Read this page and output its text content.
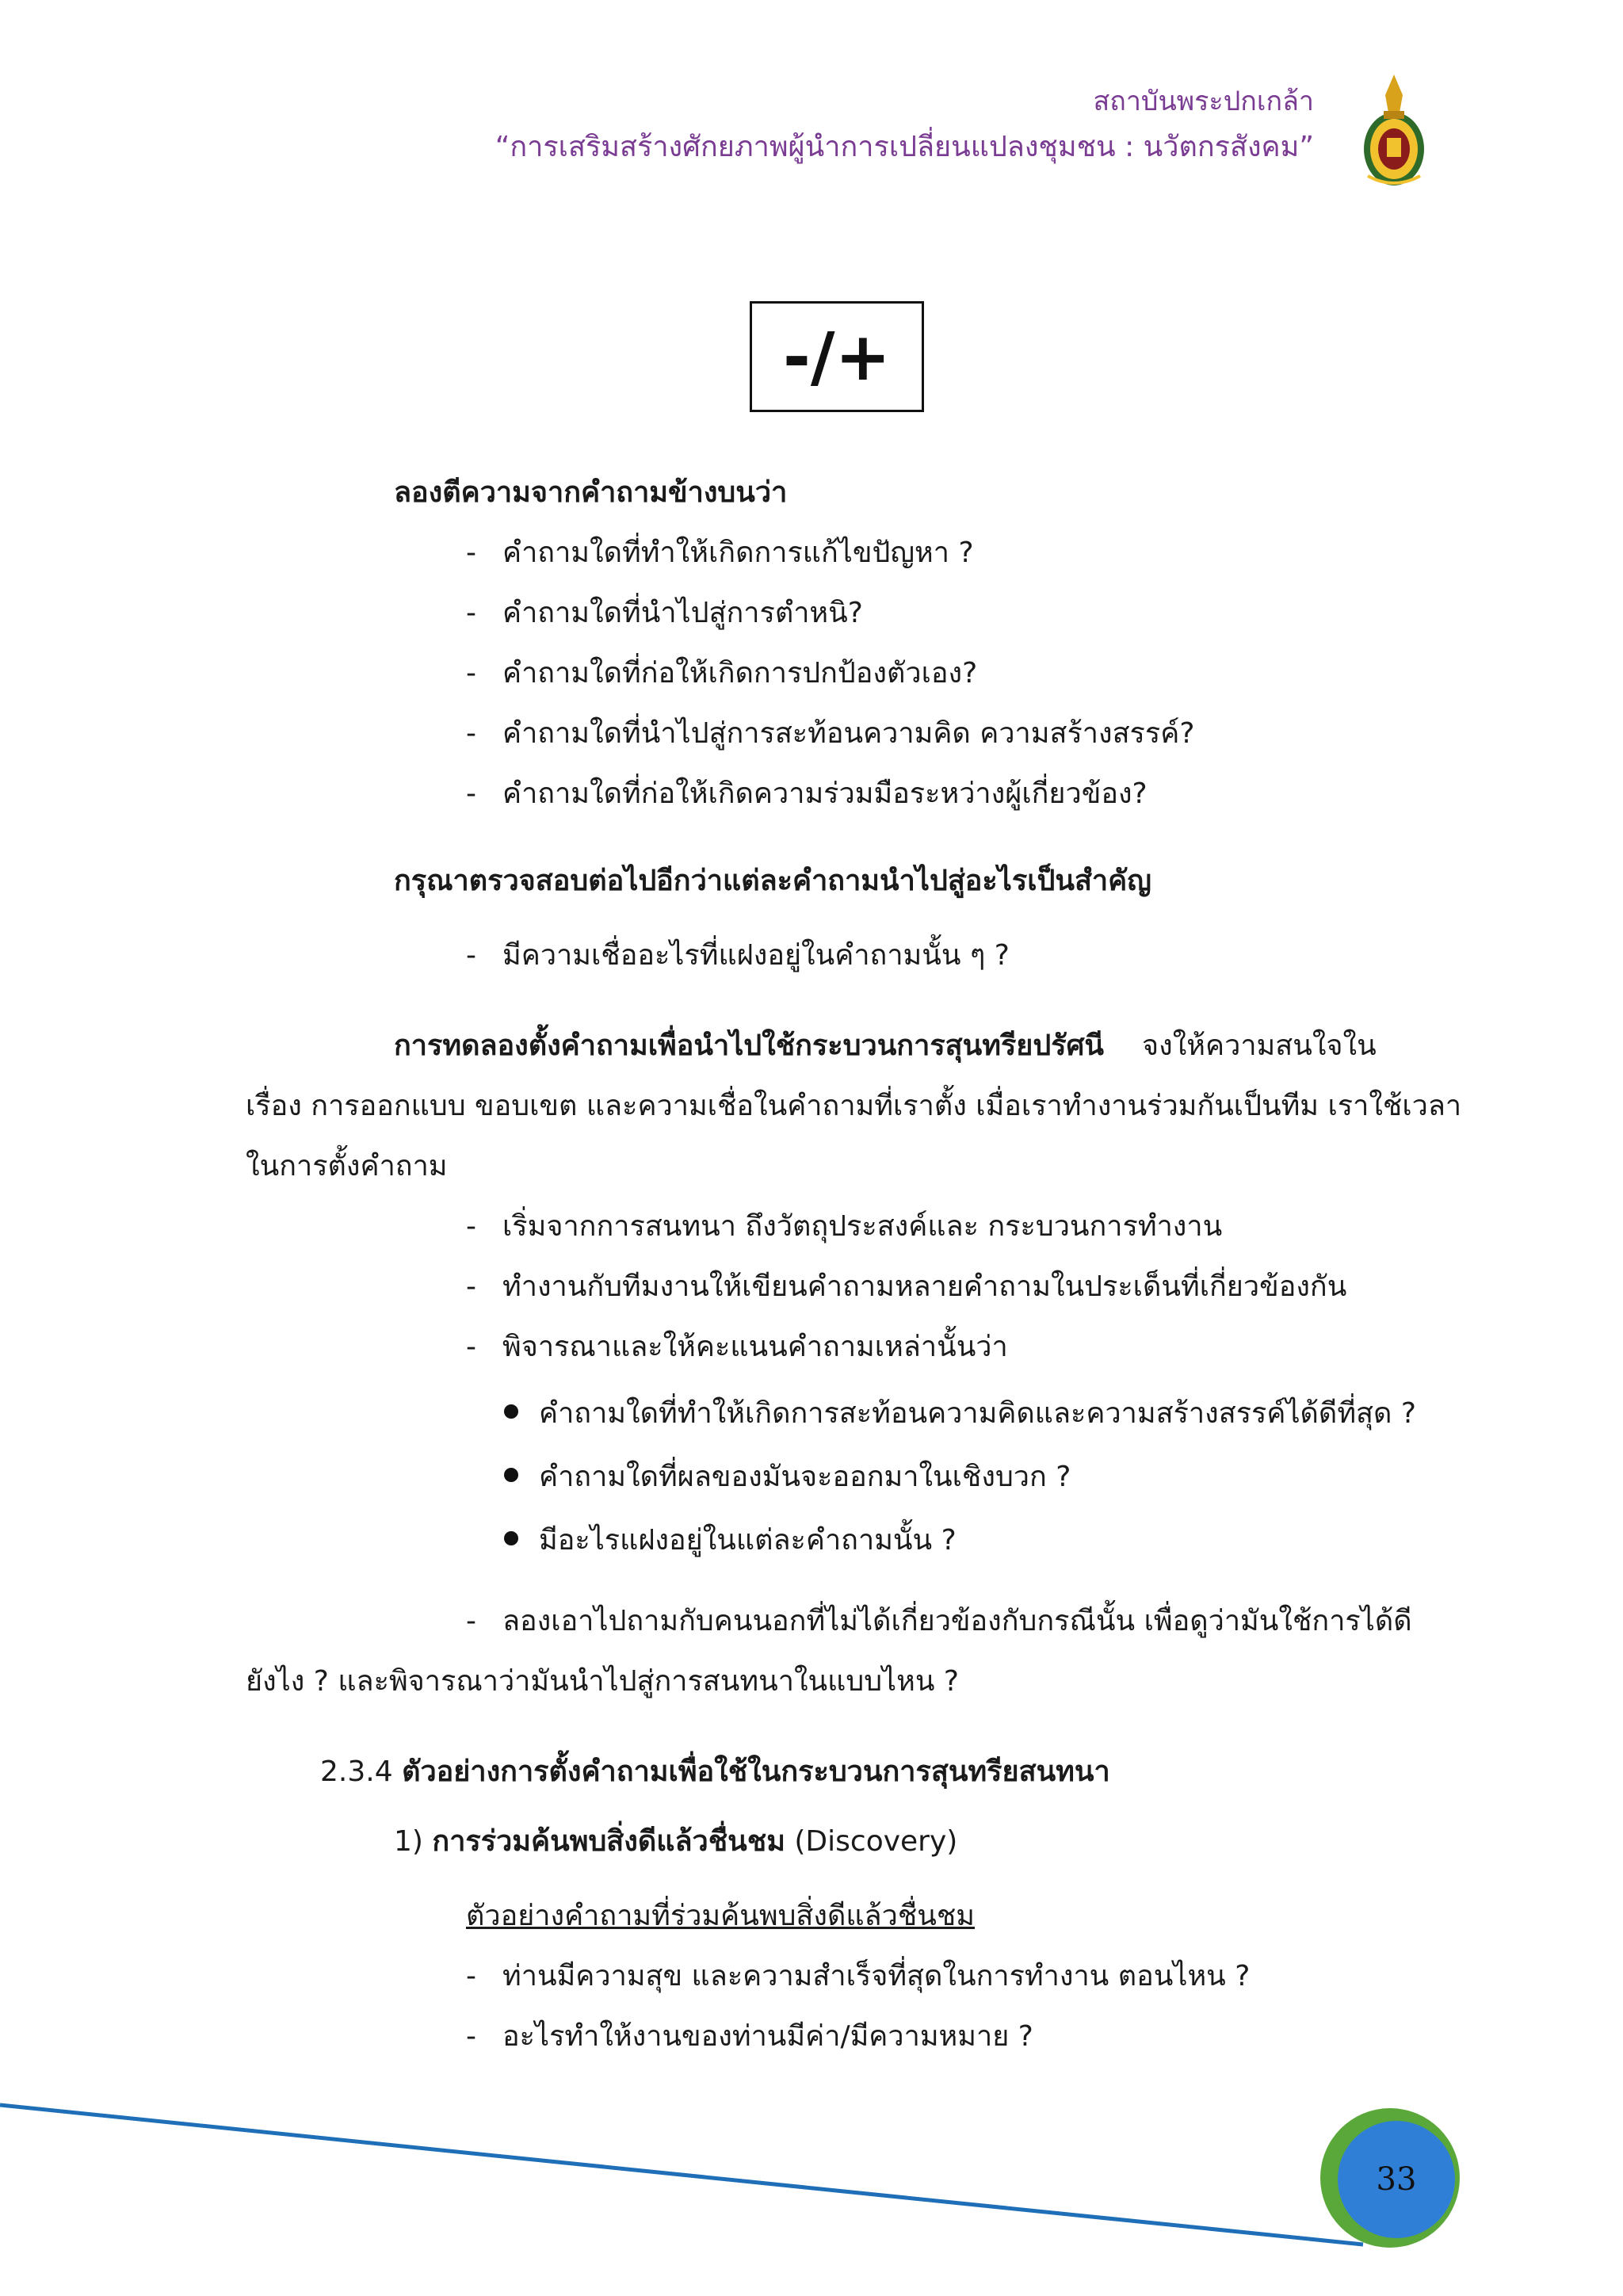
สถาบันพระปกเกล้า
“การเสริมสร้างศักยภาพผู้นำการเปลี่ยนแปลงชุมชน : นวัตกรสังคม”
-/+
ลองตีความจากคำถามข้างบนว่า
- คำถามใดที่ทำให้เกิดการแก้ไขปัญหา ?
- คำถามใดที่นำไปสู่การตำหนิ?
- คำถามใดที่ก่อให้เกิดการปกป้องตัวเอง?
- คำถามใดที่นำไปสู่การสะท้อนความคิด ความสร้างสรรค์?
- คำถามใดที่ก่อให้เกิดความร่วมมือระหว่างผู้เกี่ยวข้อง?
กรุณาตรวจสอบต่อไปอีกว่าแต่ละคำถามนำไปสู่อะไรเป็นสำคัญ
- มีความเชื่ออะไรที่แฝงอยู่ในคำถามนั้น ๆ ?
การทดลองตั้งคำถามเพื่อนำไปใช้กระบวนการสุนทรียปรัศนี จงให้ความสนใจใน
เรื่อง การออกแบบ ขอบเขต และความเชื่อในคำถามที่เราตั้ง เมื่อเราทำงานร่วมกันเป็นทีม เราใช้เวลา
ในการตั้งคำถาม
- เริ่มจากการสนทนา ถึงวัตถุประสงค์และ กระบวนการทำงาน
- ทำงานกับทีมงานให้เขียนคำถามหลายคำถามในประเด็นที่เกี่ยวข้องกัน
- พิจารณาและให้คะแนนคำถามเหล่านั้นว่า
คำถามใดที่ทำให้เกิดการสะท้อนความคิดและความสร้างสรรค์ได้ดีที่สุด ?
คำถามใดที่ผลของมันจะออกมาในเชิงบวก ?
มีอะไรแฝงอยู่ในแต่ละคำถามนั้น ?
- ลองเอาไปถามกับคนนอกที่ไม่ได้เกี่ยวข้องกับกรณีนั้น เพื่อดูว่ามันใช้การได้ดี
ยังไง ? และพิจารณาว่ามันนำไปสู่การสนทนาในแบบไหน ?
2.3.4 ตัวอย่างการตั้งคำถามเพื่อใช้ในกระบวนการสุนทรียสนทนา
1) การร่วมค้นพบสิ่งดีแล้วชื่นชม (Discovery)
ตัวอย่างคำถามที่ร่วมค้นพบสิ่งดีแล้วชื่นชม
- ท่านมีความสุข และความสำเร็จที่สุดในการทำงาน ตอนไหน ?
- อะไรทำให้งานของท่านมีค่า/มีความหมาย ?
33
